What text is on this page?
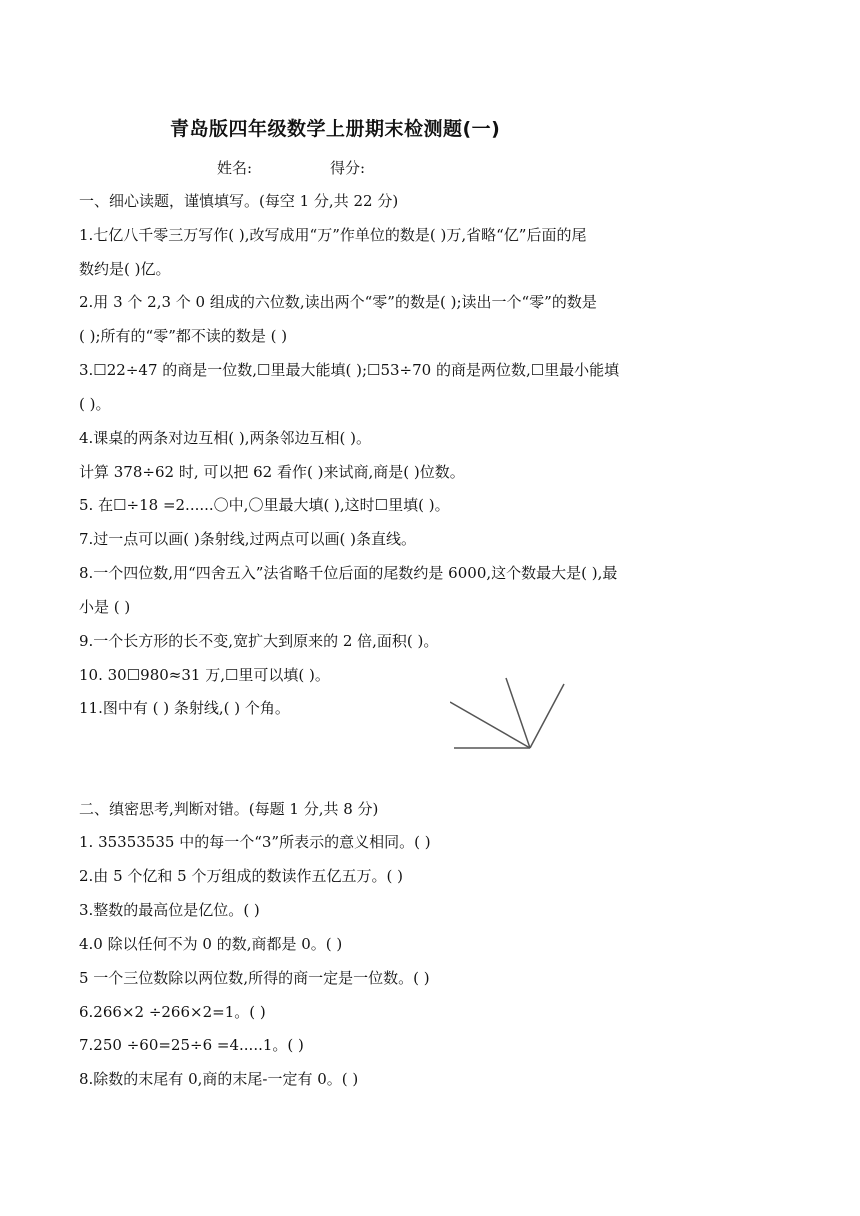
青岛版四年级数学上册期末检测题(一)
姓名:	得分:
一、细心读题，谨慎填写。(每空 1 分,共 22 分)
1.七亿八千零三万写作( ),改写成用“万”作单位的数是( )万,省略“亿”后面的尾
数约是( )亿。
2.用 3 个 2,3 个 0 组成的六位数,读出两个“零”的数是( );读出一个“零”的数是
( );所有的“零”都不读的数是 ( )
3.☐22÷47 的商是一位数,☐里最大能填( );☐53÷70 的商是两位数,☐里最小能填
( )。
4.课桌的两条对边互相( ),两条邻边互相( )。
计算 378÷62 时, 可以把 62 看作( )来试商,商是( )位数。
5. 在☐÷18 =2......〇中,〇里最大填( ),这时☐里填( )。
7.过一点可以画( )条射线,过两点可以画( )条直线。
8.一个四位数,用“四舍五入”法省略千位后面的尾数约是 6000,这个数最大是( ),最
小是 ( )
9.一个长方形的长不变,宽扩大到原来的 2 倍,面积( )。
10. 30☐980≈31 万,☐里可以填( )。
11.图中有 ( ) 条射线,( ) 个角。
二、缜密思考,判断对错。(每题 1 分,共 8 分)
1. 35353535 中的每一个“3”所表示的意义相同。( )
2.由 5 个亿和 5 个万组成的数读作五亿五万。( )
3.整数的最高位是亿位。( )
4.0 除以任何不为 0 的数,商都是 0。( )
5 一个三位数除以两位数,所得的商一定是一位数。( )
6.266×2 ÷266×2=1。( )
7.250 ÷60=25÷6 =4.....1。( )
8.除数的末尾有 0,商的末尾-一定有 0。( )
